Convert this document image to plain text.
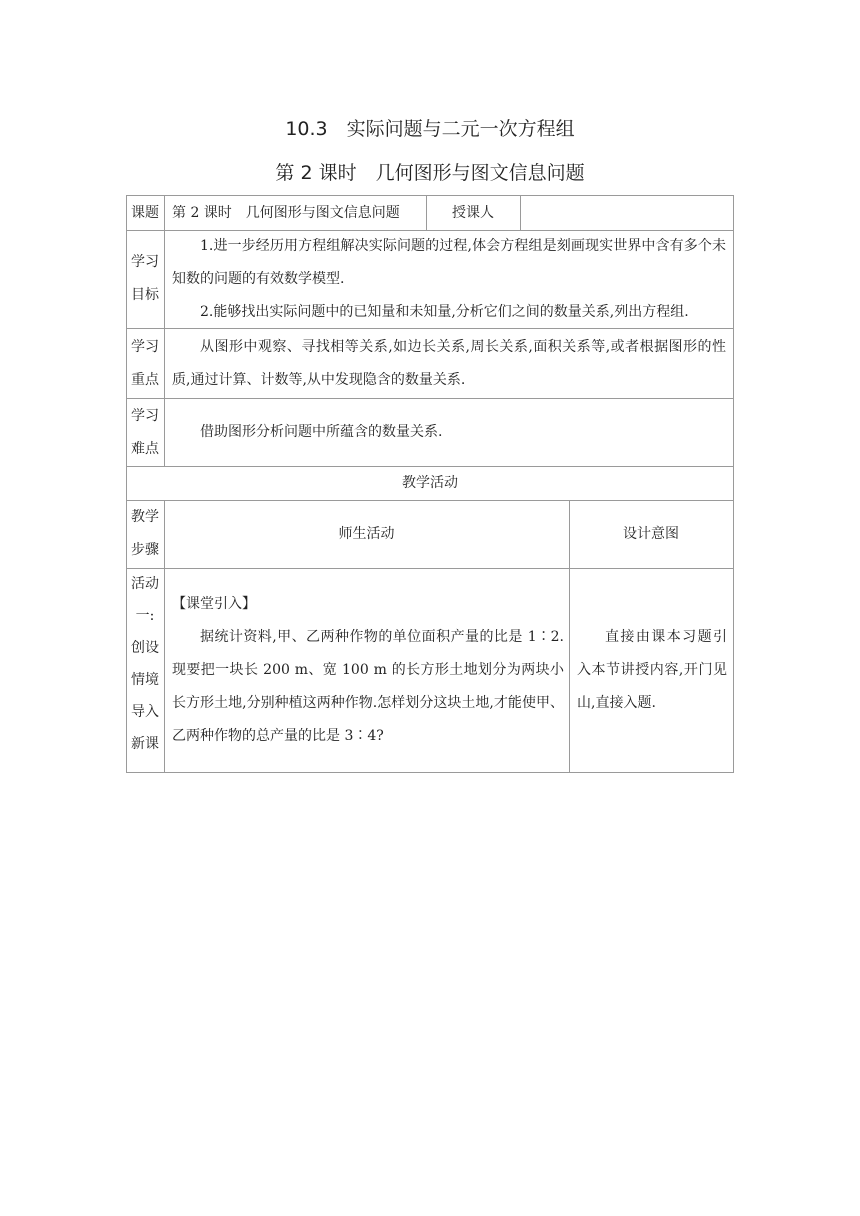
10.3　实际问题与二元一次方程组
第 2 课时　几何图形与图文信息问题
课题 第 2 课时　几何图形与图文信息问题	授课人
学习
目标
1.进一步经历用方程组解决实际问题的过程,体会方程组是刻画现实世界中含有多个未知数的问题的有效数学模型.
2.能够找出实际问题中的已知量和未知量,分析它们之间的数量关系,列出方程组.
学习
重点
从图形中观察、寻找相等关系,如边长关系,周长关系,面积关系等,或者根据图形的性质,通过计算、计数等,从中发现隐含的数量关系.
学习
难点
借助图形分析问题中所蕴含的数量关系.
教学活动
教学
步骤
师生活动	设计意图
活动
一:
创设
情境
导入
新课
【课堂引入】
据统计资料,甲、乙两种作物的单位面积产量的比是 1∶2.现要把一块长 200 m、宽 100 m 的长方形土地划分为两块小长方形土地,分别种植这两种作物.怎样划分这块土地,才能使甲、乙两种作物的总产量的比是 3∶4?
直接由课本习题引入本节讲授内容,开门见山,直接入题.
